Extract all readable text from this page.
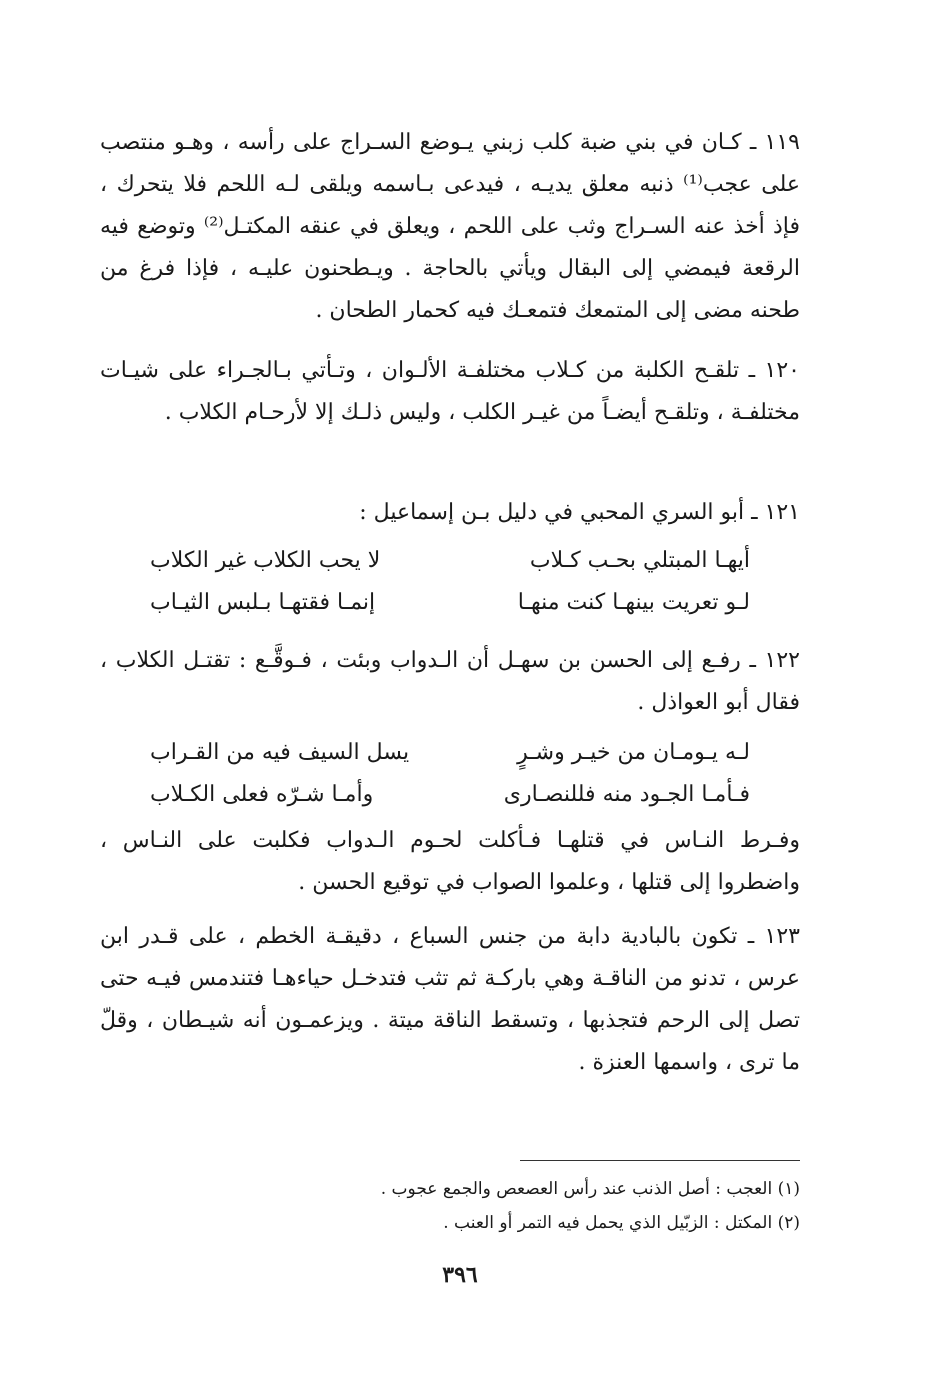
١١٩ ـ كـان في بني ضبة كلب زبني يـوضع السـراج على رأسه ، وهـو منتصب على عجب⁽¹⁾ ذنبه معلق يديـه ، فيدعى بـاسمه ويلقى لـه اللحم فلا يتحرك ، فإذ أخذ عنه السـراج وثب على اللحم ، ويعلق في عنقه المكتـل⁽²⁾ وتوضع فيه الرقعة فيمضي إلى البقال ويأتي بالحاجة . ويـطحنون عليـه ، فإذا فرغ من طحنه مضى إلى المتمعك فتمعـك فيه كحمار الطحان .

١٢٠ ـ تلقـح الكلبة من كـلاب مختلفـة الألـوان ، وتـأتي بـالجـراء على شيـات مختلفـة ، وتلقـح أيضـاً من غيـر الكلب ، وليس ذلـك إلا لأرحـام الكلاب .

١٢١ ـ أبو السري المحبي في دليل بـن إسماعيل :

أيهـا المبتلي بحـب كـلاب
لا يحب الكلاب غير الكلاب
لـو تعريت بينهـا كنت منهـا
إنمـا فقتهـا بـلبس الثيـاب

١٢٢ ـ رفـع إلى الحسن بن سهـل أن الـدواب وبئت ، فـوقَّـع : تقتـل الكلاب ، فقال أبو العواذل .

لـه يـومـان من خيـر وشـرٍ
يسل السيف فيه من القـراب
فـأمـا الجـود منه فللنصـارى
وأمـا شـرّه فعلى الكـلاب

وفـرط النـاس في قتلهـا فـأكلت لحـوم الـدواب فكلبت على النـاس ، واضطروا إلى قتلها ، وعلموا الصواب في توقيع الحسن .

١٢٣ ـ تكون بالبادية دابة من جنس السباع ، دقيقـة الخطم ، على قـدر ابن عرس ، تدنو من الناقـة وهي باركـة ثم تثب فتدخـل حياءهـا فتندمس فيـه حتى تصل إلى الرحم فتجذبها ، وتسقط الناقة ميتة . ويزعمـون أنه شيـطان ، وقلّ ما ترى ، واسمها العنزة .

(١) العجب : أصل الذنب عند رأس العصعص والجمع عجوب .
(٢) المكتل : الزبّيل الذي يحمل فيه التمر أو العنب .
٣٩٦
